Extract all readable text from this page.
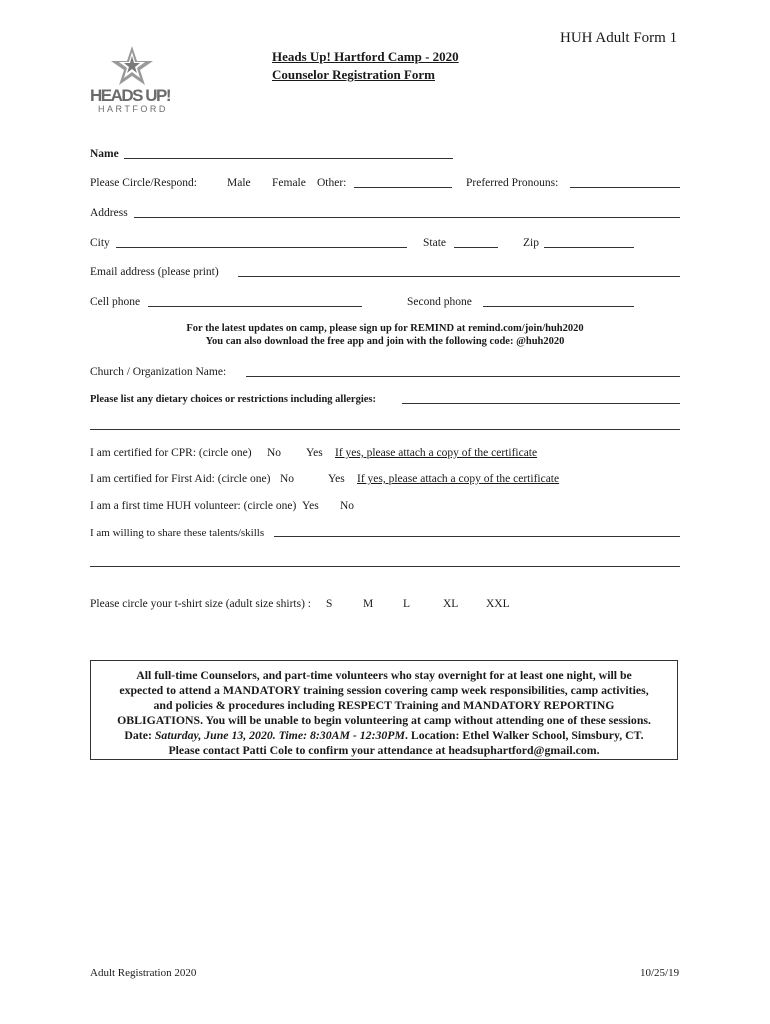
HUH Adult Form 1
HEADS UP!
HARTFORD
Heads Up! Hartford Camp - 2020
Counselor Registration Form
Name
Please Circle/Respond:	Male Female Other:	Preferred Pronouns:
Address
City	State	Zip
Email address (please print)
Cell phone	Second phone
For the latest updates on camp, please sign up for REMIND at remind.com/join/huh2020
You can also download the free app and join with the following code: @huh2020
Church / Organization Name:
Please list any dietary choices or restrictions including allergies:
I am certified for CPR: (circle one) No Yes If yes, please attach a copy of the certificate
I am certified for First Aid: (circle one) No	Yes If yes, please attach a copy of the certificate
I am a first time HUH volunteer: (circle one) Yes No
I am willing to share these talents/skills
Please circle your t-shirt size (adult size shirts) : S	M	L	XL XXL
All full-time Counselors, and part-time volunteers who stay overnight for at least one night, will be
expected to attend a MANDATORY training session covering camp week responsibilities, camp activities,
and policies & procedures including RESPECT Training and MANDATORY REPORTING
OBLIGATIONS. You will be unable to begin volunteering at camp without attending one of these sessions.
Date: Saturday, June 13, 2020. Time: 8:30AM - 12:30PM. Location: Ethel Walker School, Simsbury, CT.
Please contact Patti Cole to confirm your attendance at headsuphartford@gmail.com.
Adult Registration 2020	10/25/19
